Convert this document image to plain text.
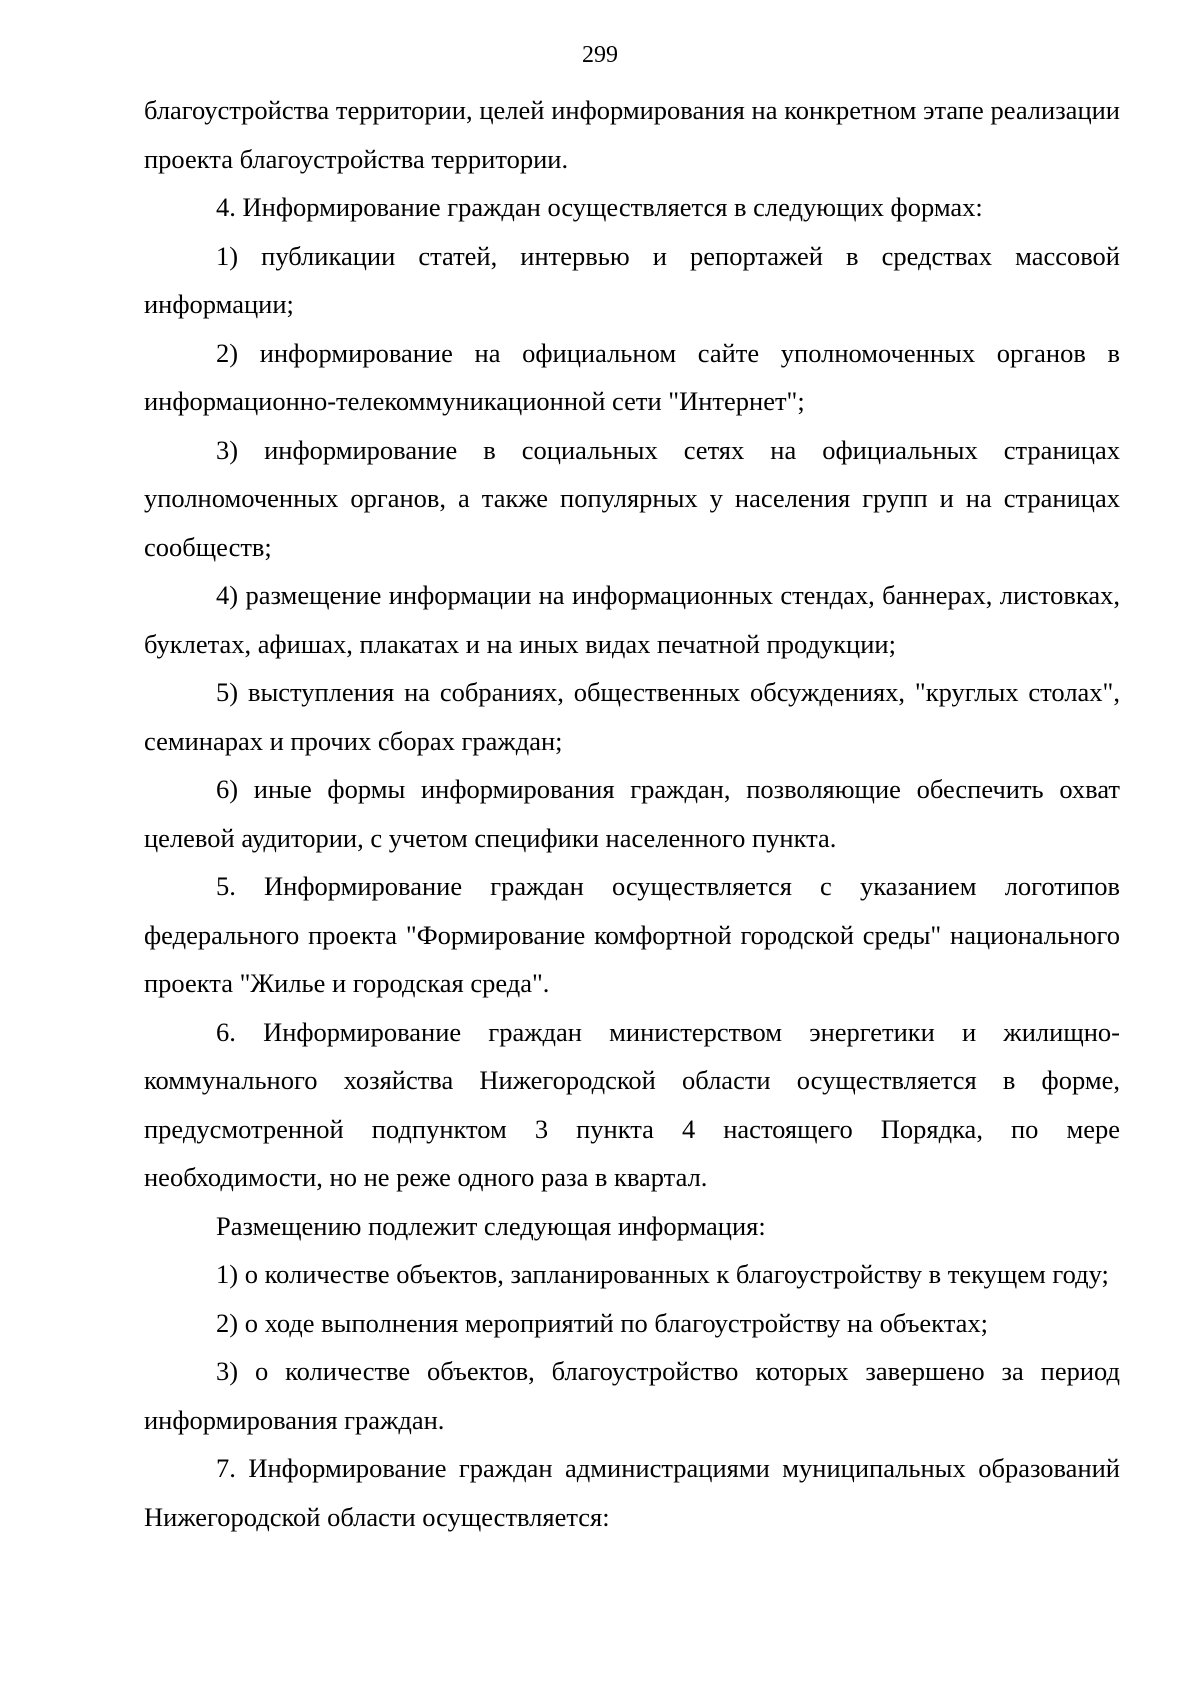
299

благоустройства территории, целей информирования на конкретном этапе реализации проекта благоустройства территории.

4. Информирование граждан осуществляется в следующих формах:

1) публикации статей, интервью и репортажей в средствах массовой информации;

2) информирование на официальном сайте уполномоченных органов в информационно-телекоммуникационной сети "Интернет";

3) информирование в социальных сетях на официальных страницах уполномоченных органов, а также популярных у населения групп и на страницах сообществ;

4) размещение информации на информационных стендах, баннерах, листовках, буклетах, афишах, плакатах и на иных видах печатной продукции;

5) выступления на собраниях, общественных обсуждениях, "круглых столах", семинарах и прочих сборах граждан;

6) иные формы информирования граждан, позволяющие обеспечить охват целевой аудитории, с учетом специфики населенного пункта.

5. Информирование граждан осуществляется с указанием логотипов федерального проекта "Формирование комфортной городской среды" национального проекта "Жилье и городская среда".

6. Информирование граждан министерством энергетики и жилищно-коммунального хозяйства Нижегородской области осуществляется в форме, предусмотренной подпунктом 3 пункта 4 настоящего Порядка, по мере необходимости, но не реже одного раза в квартал.

Размещению подлежит следующая информация:

1) о количестве объектов, запланированных к благоустройству в текущем году;

2) о ходе выполнения мероприятий по благоустройству на объектах;

3) о количестве объектов, благоустройство которых завершено за период информирования граждан.

7. Информирование граждан администрациями муниципальных образований Нижегородской области осуществляется:
